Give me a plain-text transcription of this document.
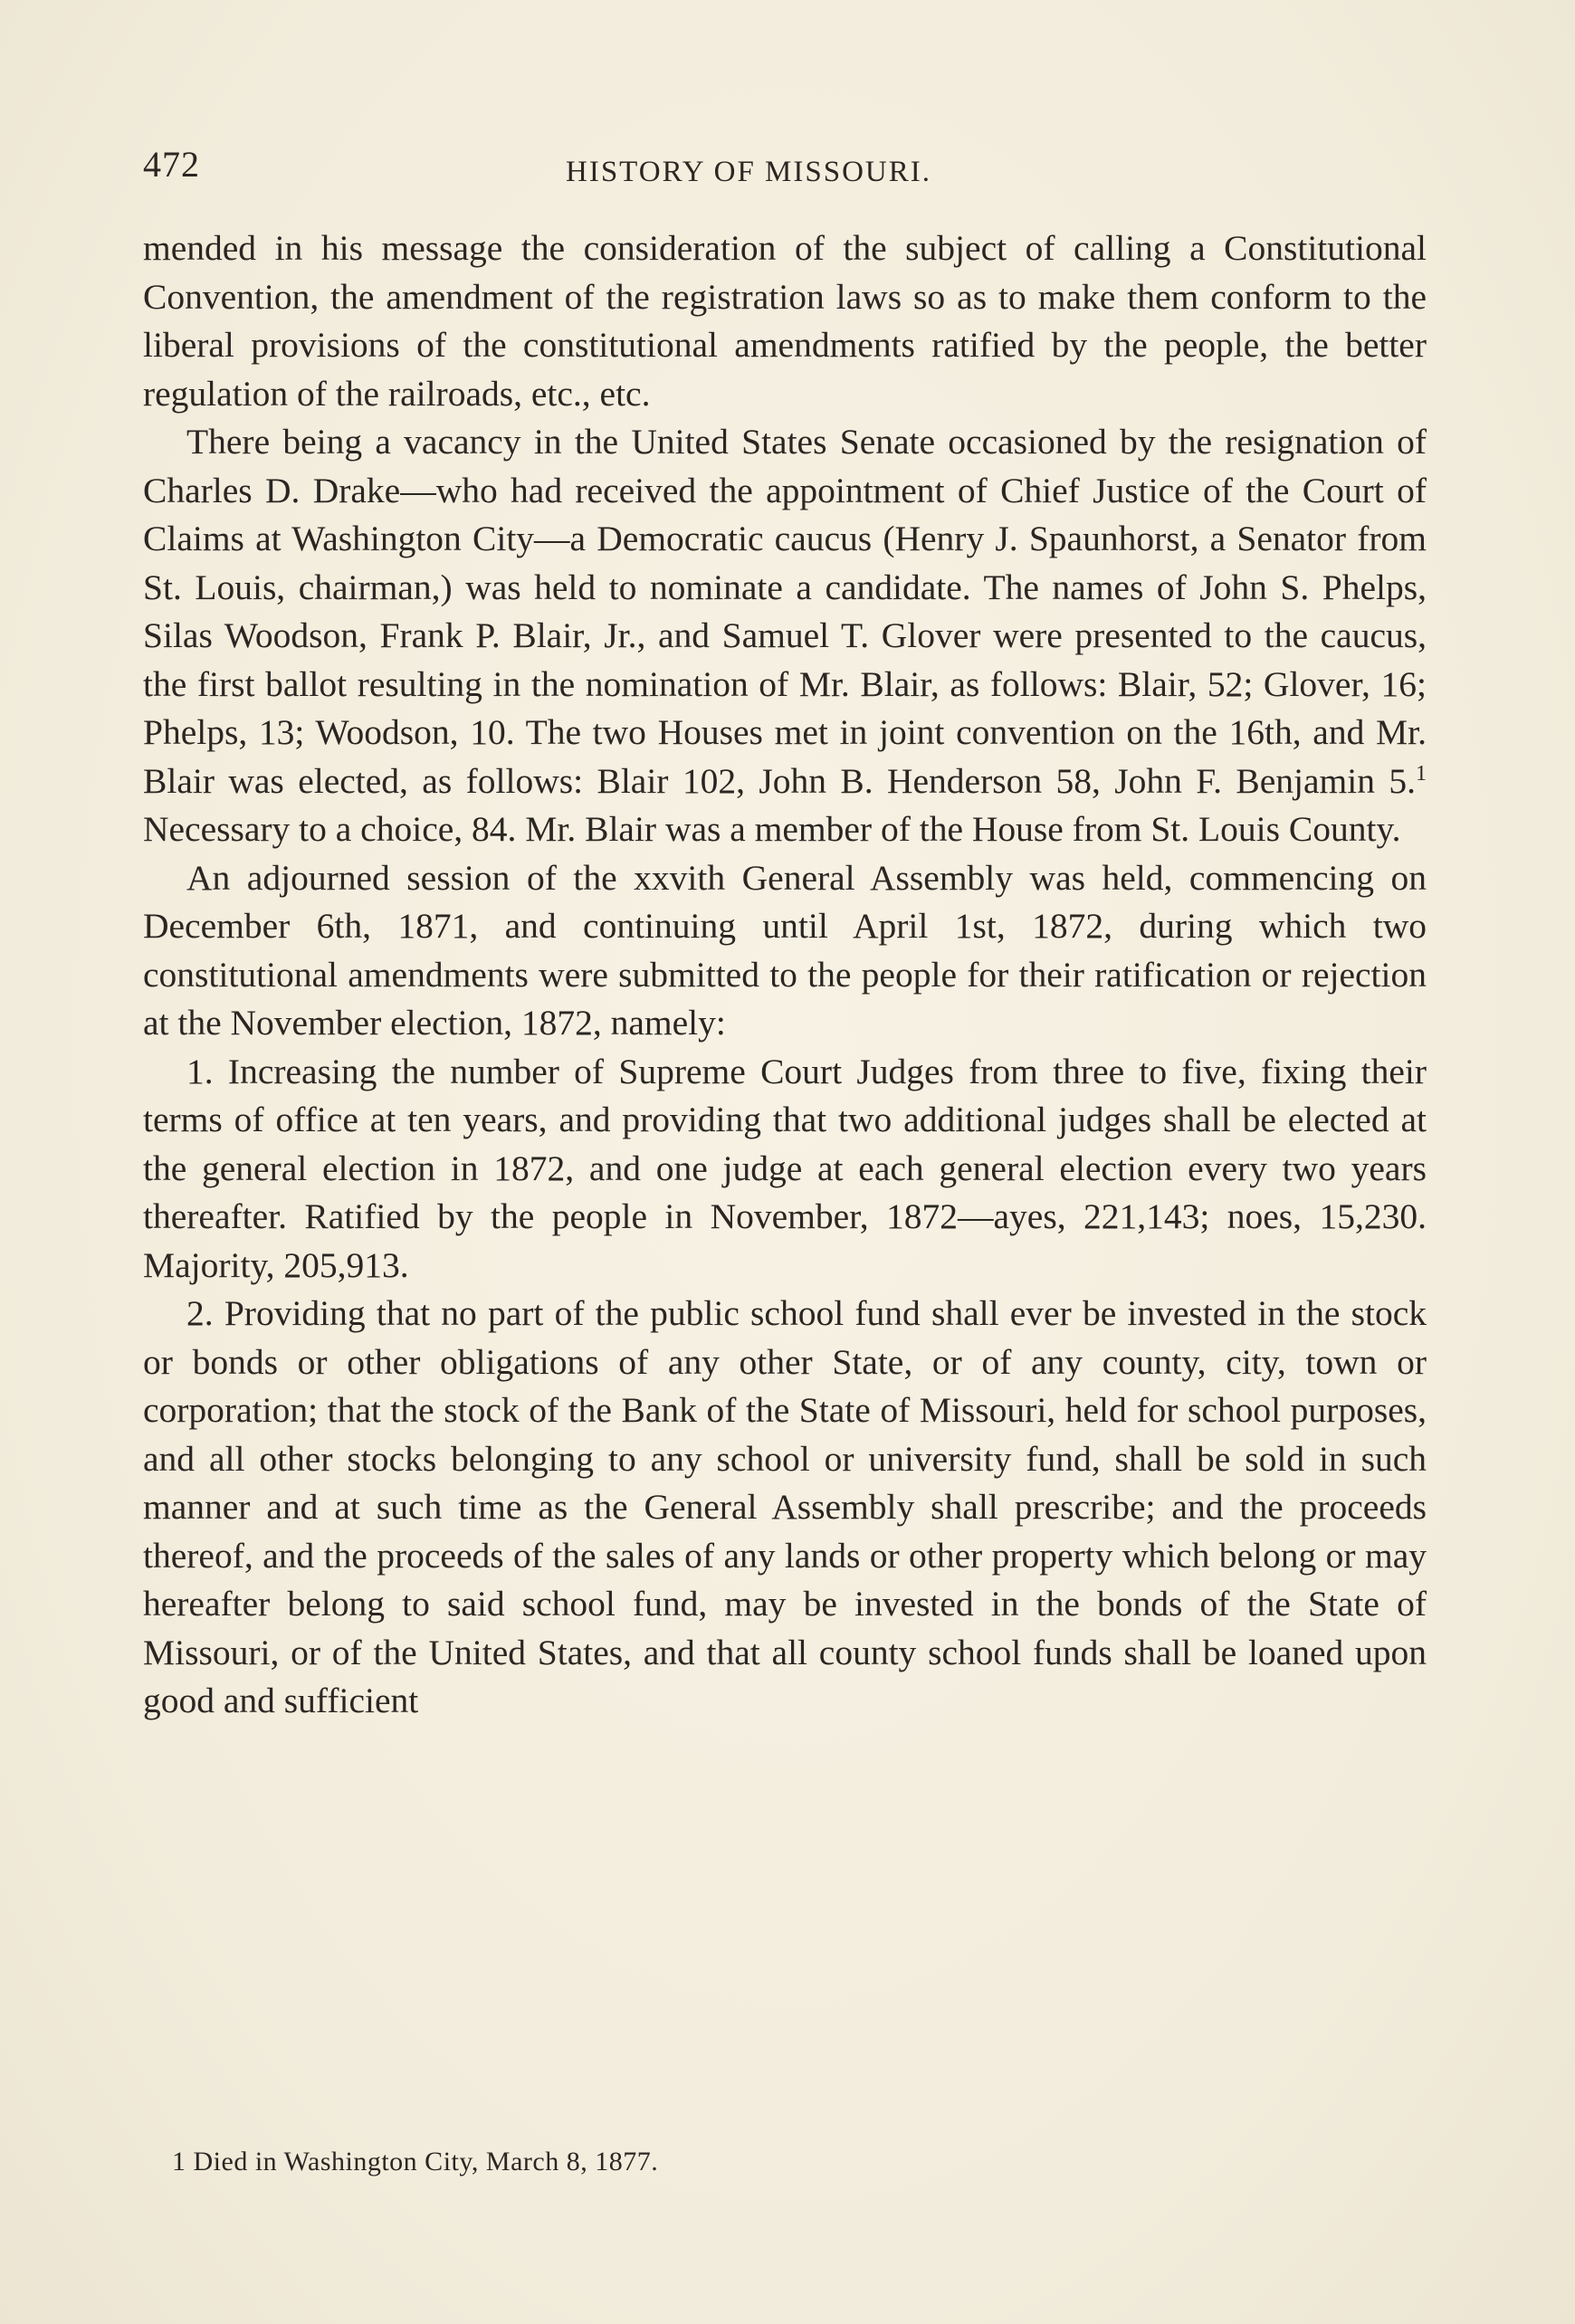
472	HISTORY OF MISSOURI.

mended in his message the consideration of the subject of calling a Constitutional Convention, the amendment of the registration laws so as to make them conform to the liberal provisions of the constitutional amendments ratified by the people, the better regulation of the railroads, etc., etc.

There being a vacancy in the United States Senate occasioned by the resignation of Charles D. Drake—who had received the appointment of Chief Justice of the Court of Claims at Washington City—a Democratic caucus (Henry J. Spaunhorst, a Senator from St. Louis, chairman,) was held to nominate a candidate. The names of John S. Phelps, Silas Woodson, Frank P. Blair, Jr., and Samuel T. Glover were presented to the caucus, the first ballot resulting in the nomination of Mr. Blair, as follows: Blair, 52; Glover, 16; Phelps, 13; Woodson, 10. The two Houses met in joint convention on the 16th, and Mr. Blair was elected, as follows: Blair 102, John B. Henderson 58, John F. Benjamin 5.$^1$ Necessary to a choice, 84. Mr. Blair was a member of the House from St. Louis County.

An adjourned session of the xxvith General Assembly was held, commencing on December 6th, 1871, and continuing until April 1st, 1872, during which two constitutional amendments were submitted to the people for their ratification or rejection at the November election, 1872, namely:

1. Increasing the number of Supreme Court Judges from three to five, fixing their terms of office at ten years, and providing that two additional judges shall be elected at the general election in 1872, and one judge at each general election every two years thereafter. Ratified by the people in November, 1872—ayes, 221,143; noes, 15,230. Majority, 205,913.

2. Providing that no part of the public school fund shall ever be invested in the stock or bonds or other obligations of any other State, or of any county, city, town or corporation; that the stock of the Bank of the State of Missouri, held for school purposes, and all other stocks belonging to any school or university fund, shall be sold in such manner and at such time as the General Assembly shall prescribe; and the proceeds thereof, and the proceeds of the sales of any lands or other property which belong or may hereafter belong to said school fund, may be invested in the bonds of the State of Missouri, or of the United States, and that all county school funds shall be loaned upon good and sufficient

1 Died in Washington City, March 8, 1877.
